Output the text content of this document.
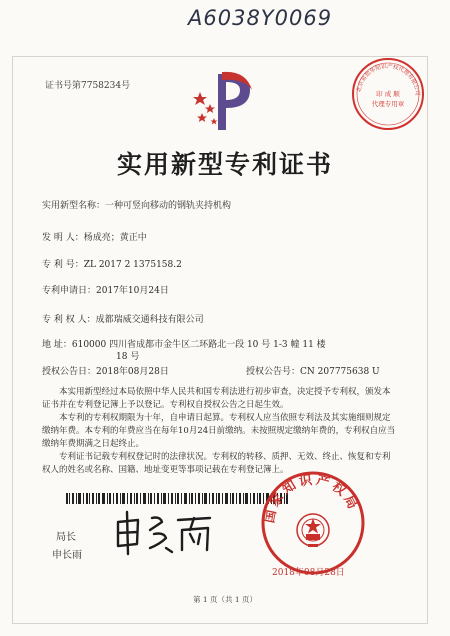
A6038Y0069
证书号第7758234号	北京易知华知识产权代理有限公司
印 成 顺
代理专用章
实用新型专利证书
实用新型名称：一种可竖向移动的钢轨夹持机构
发 明 人：杨成亮；黄正中
专 利 号：ZL 2017 2 1375158.2
专利申请日：2017年10月24日
专 利 权 人：成都瑞威交通科技有限公司
地 址：610000 四川省成都市金牛区二环路北一段 10 号 1-3 幢 11 楼
18 号
授权公告日：2018年08月28日	授权公告号：CN 207775638 U

本实用新型经过本局依照中华人民共和国专利法进行初步审查，决定授予专利权，颁发本证书并在专利登记簿上予以登记。专利权自授权公告之日起生效。

本专利的专利权期限为十年，自申请日起算。专利权人应当依照专利法及其实施细则规定缴纳年费。本专利的年费应当在每年10月24日前缴纳。未按照规定缴纳年费的，专利权自应当缴纳年费期满之日起终止。

专利证书记载专利权登记时的法律状况。专利权的转移、质押、无效、终止、恢复和专利权人的姓名或名称、国籍、地址变更等事项记载在专利登记簿上。

局长
申长雨
国家知识产权局
2018年08月28日
第 1 页（共 1 页）
